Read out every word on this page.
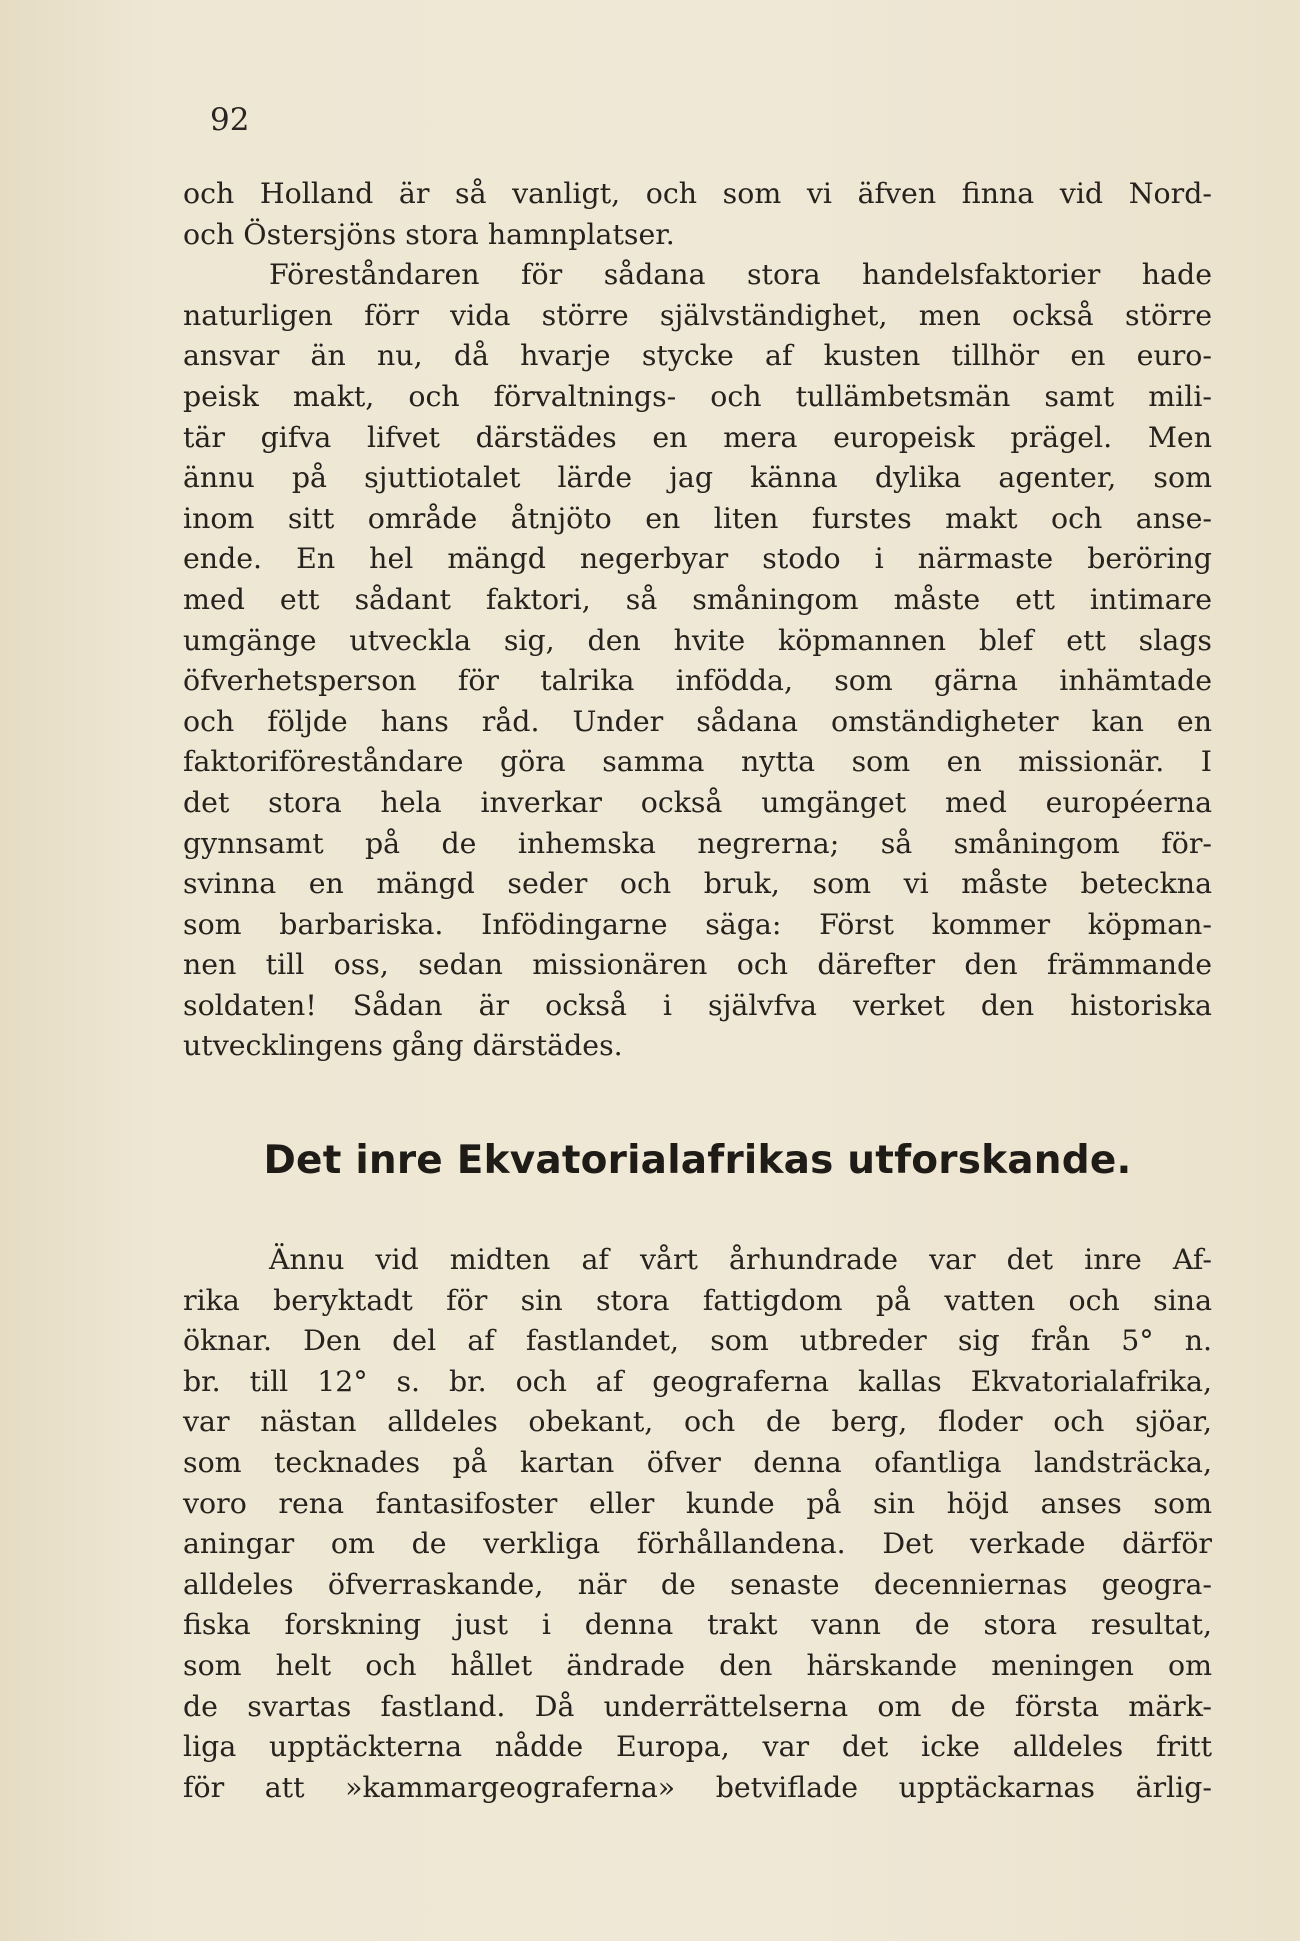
92
och Holland är så vanligt, och som vi äfven finna vid Nord-
och Östersjöns stora hamnplatser.
Föreståndaren för sådana stora handelsfaktorier hade
naturligen förr vida större självständighet, men också större
ansvar än nu, då hvarje stycke af kusten tillhör en euro-
peisk makt, och förvaltnings- och tullämbetsmän samt mili-
tär gifva lifvet därstädes en mera europeisk prägel. Men
ännu på sjuttiotalet lärde jag känna dylika agenter, som
inom sitt område åtnjöto en liten furstes makt och anse-
ende. En hel mängd negerbyar stodo i närmaste beröring
med ett sådant faktori, så småningom måste ett intimare
umgänge utveckla sig, den hvite köpmannen blef ett slags
öfverhetsperson för talrika infödda, som gärna inhämtade
och följde hans råd. Under sådana omständigheter kan en
faktoriföreståndare göra samma nytta som en missionär. I
det stora hela inverkar också umgänget med européerna
gynnsamt på de inhemska negrerna; så småningom för-
svinna en mängd seder och bruk, som vi måste beteckna
som barbariska. Infödingarne säga: Först kommer köpman-
nen till oss, sedan missionären och därefter den främmande
soldaten! Sådan är också i självfva verket den historiska
utvecklingens gång därstädes.
Det inre Ekvatorialafrikas utforskande.
Ännu vid midten af vårt århundrade var det inre Af-
rika beryktadt för sin stora fattigdom på vatten och sina
öknar. Den del af fastlandet, som utbreder sig från 5° n.
br. till 12° s. br. och af geograferna kallas Ekvatorialafrika,
var nästan alldeles obekant, och de berg, floder och sjöar,
som tecknades på kartan öfver denna ofantliga landsträcka,
voro rena fantasifoster eller kunde på sin höjd anses som
aningar om de verkliga förhållandena. Det verkade därför
alldeles öfverraskande, när de senaste decenniernas geogra-
fiska forskning just i denna trakt vann de stora resultat,
som helt och hållet ändrade den härskande meningen om
de svartas fastland. Då underrättelserna om de första märk-
liga upptäckterna nådde Europa, var det icke alldeles fritt
för att »kammargeograferna» betviflade upptäckarnas ärlig-
